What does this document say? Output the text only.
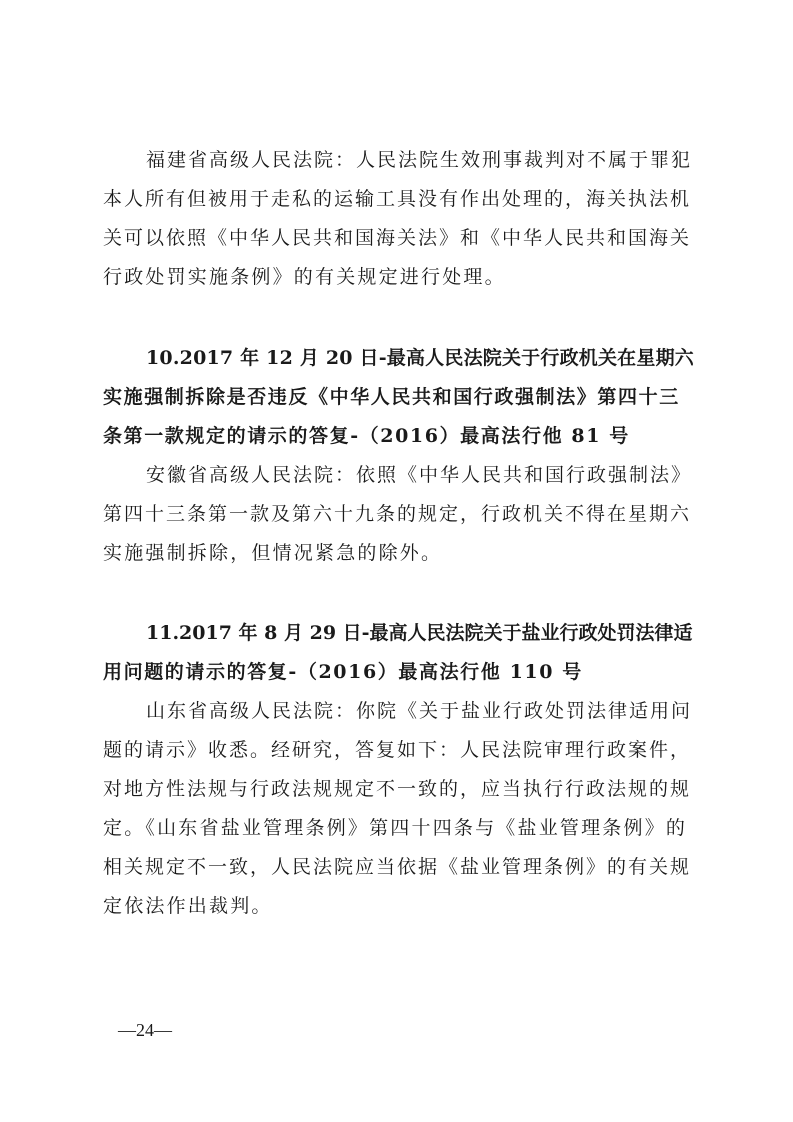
福建省高级人民法院：人民法院生效刑事裁判对不属于罪犯
本人所有但被用于走私的运输工具没有作出处理的，海关执法机
关可以依照《中华人民共和国海关法》和《中华人民共和国海关
行政处罚实施条例》的有关规定进行处理。
10.2017 年 12 月 20 日-最高人民法院关于行政机关在星期六
实施强制拆除是否违反《中华人民共和国行政强制法》第四十三
条第一款规定的请示的答复-（2016）最高法行他 81 号
安徽省高级人民法院：依照《中华人民共和国行政强制法》
第四十三条第一款及第六十九条的规定，行政机关不得在星期六
实施强制拆除，但情况紧急的除外。
11.2017 年 8 月 29 日-最高人民法院关于盐业行政处罚法律适
用问题的请示的答复-（2016）最高法行他 110 号
山东省高级人民法院：你院《关于盐业行政处罚法律适用问
题的请示》收悉。经研究，答复如下：人民法院审理行政案件，
对地方性法规与行政法规规定不一致的，应当执行行政法规的规
定。《山东省盐业管理条例》第四十四条与《盐业管理条例》的
相关规定不一致，人民法院应当依据《盐业管理条例》的有关规
定依法作出裁判。
—24—
